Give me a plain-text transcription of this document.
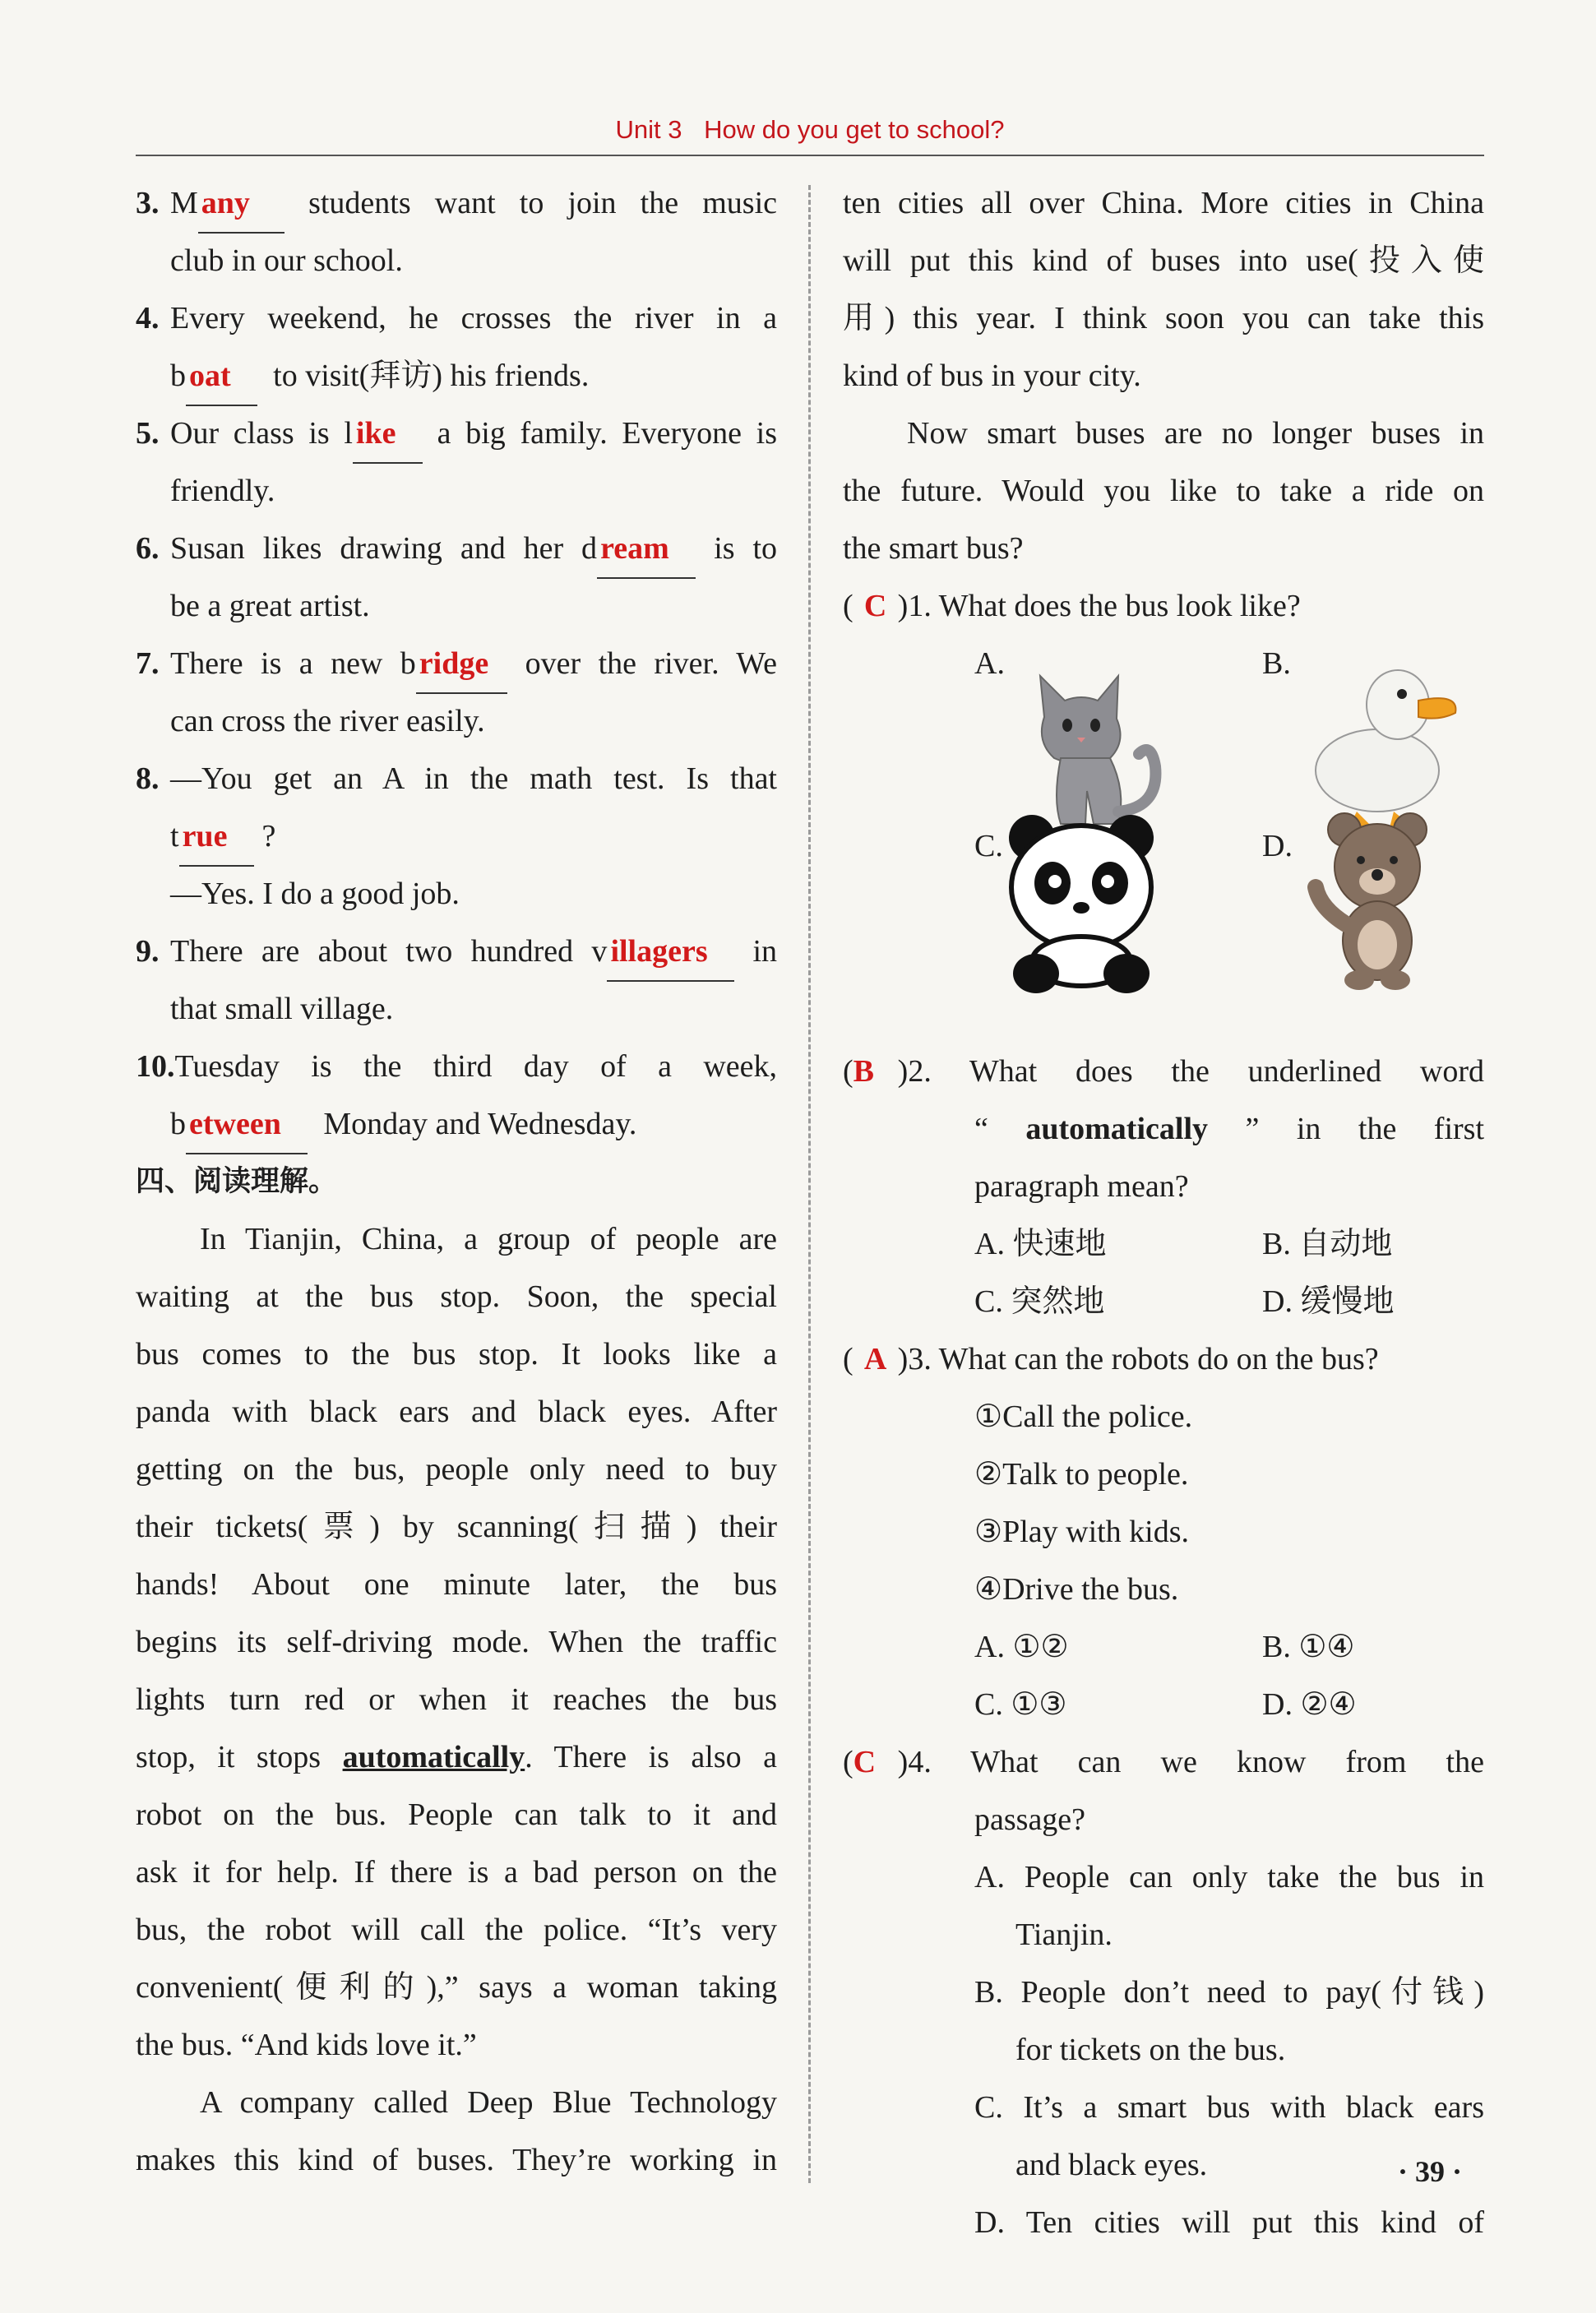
Unit 3 How do you get to school?
3. M any students want to join the music
club in our school.
4. Every weekend, he crosses the river in a
b oat to visit(拜访) his friends.
5. Our class is l ike a big family. Everyone is
friendly.
6. Susan likes drawing and her d ream is to
be a great artist.
7. There is a new b ridge over the river. We
can cross the river easily.
8. —You get an A in the math test. Is that
t rue ?
—Yes. I do a good job.
9. There are about two hundred v illagers in
that small village.
10.Tuesday is the third day of a week,
b etween Monday and Wednesday.
四、阅读理解。
In Tianjin, China, a group of people are
waiting at the bus stop. Soon, the special
bus comes to the bus stop. It looks like a
panda with black ears and black eyes. After
getting on the bus, people only need to buy
their tickets(票) by scanning(扫描) their
hands! About one minute later, the bus
begins its self-driving mode. When the traffic
lights turn red or when it reaches the bus
stop, it stops automatically. There is also a
robot on the bus. People can talk to it and
ask it for help. If there is a bad person on the
bus, the robot will call the police. “It’s very
convenient(便利的),” says a woman taking
the bus. “And kids love it.”
A company called Deep Blue Technology
makes this kind of buses. They’re working in
ten cities all over China. More cities in China
will put this kind of buses into use(投入使
用) this year. I think soon you can take this
kind of bus in your city.
Now smart buses are no longer buses in
the future. Would you like to take a ride on
the smart bus?
( C )1. What does the bus look like?
A.	B.
C.	D.
(B )2. What does the underlined word
“ automatically ” in the first
paragraph mean?
A. 快速地	B. 自动地
C. 突然地	D. 缓慢地
( A )3. What can the robots do on the bus?
①Call the police.
②Talk to people.
③Play with kids.
④Drive the bus.
A. ①②	B. ①④
C. ①③	D. ②④
(C )4. What can we know from the
passage?
A. People can only take the bus in
Tianjin.
B. People don’t need to pay(付钱)
for tickets on the bus.
C. It’s a smart bus with black ears
and black eyes.
D. Ten cities will put this kind of
· 39 ·
